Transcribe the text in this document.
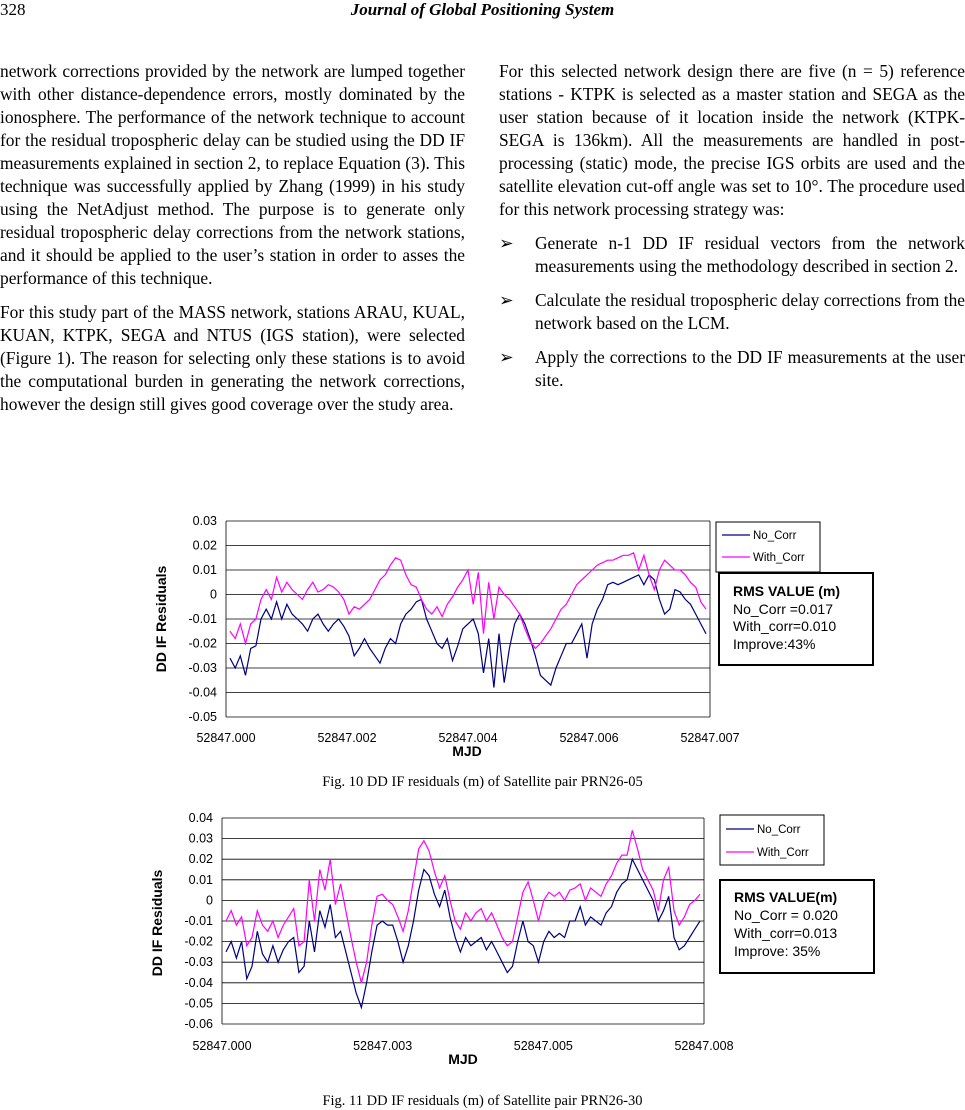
328	Journal of Global Positioning System

network corrections provided by the network are lumped together with other distance-dependence errors, mostly dominated by the ionosphere. The performance of the network technique to account for the residual tropospheric delay can be studied using the DD IF measurements explained in section 2, to replace Equation (3). This technique was successfully applied by Zhang (1999) in his study using the NetAdjust method. The purpose is to generate only residual tropospheric delay corrections from the network stations, and it should be applied to the user’s station in order to asses the performance of this technique.

For this study part of the MASS network, stations ARAU, KUAL, KUAN, KTPK, SEGA and NTUS (IGS station), were selected (Figure 1). The reason for selecting only these stations is to avoid the computational burden in generating the network corrections, however the design still gives good coverage over the study area.

For this selected network design there are five (n = 5) reference stations - KTPK is selected as a master station and SEGA as the user station because of it location inside the network (KTPK-SEGA is 136km). All the measurements are handled in post-processing (static) mode, the precise IGS orbits are used and the satellite elevation cut-off angle was set to 10°. The procedure used for this network processing strategy was:

➢ Generate n-1 DD IF residual vectors from the network measurements using the methodology described in section 2.
➢ Calculate the residual tropospheric delay corrections from the network based on the LCM.
➢ Apply the corrections to the DD IF measurements at the user site.
0.03
0.02
0.01
0
-0.01
-0.02
-0.03
-0.04
-0.05
52847.000	52847.002	52847.004	52847.006	52847.007
No_Corr
With_Corr
RMS VALUE (m)
No_Corr =0.017
With_corr=0.010
Improve:43%
MJD
DD IF Residuals
Fig. 10 DD IF residuals (m) of Satellite pair PRN26-05
0.04
0.03
0.02
0.01
0
-0.01
-0.02
-0.03
-0.04
-0.05
-0.06
52847.000	52847.003	52847.005	52847.008
No_Corr
With_Corr
RMS VALUE(m)
No_Corr = 0.020
With_corr=0.013
Improve: 35%
MJD
DD IF Residuals
Fig. 11 DD IF residuals (m) of Satellite pair PRN26-30
